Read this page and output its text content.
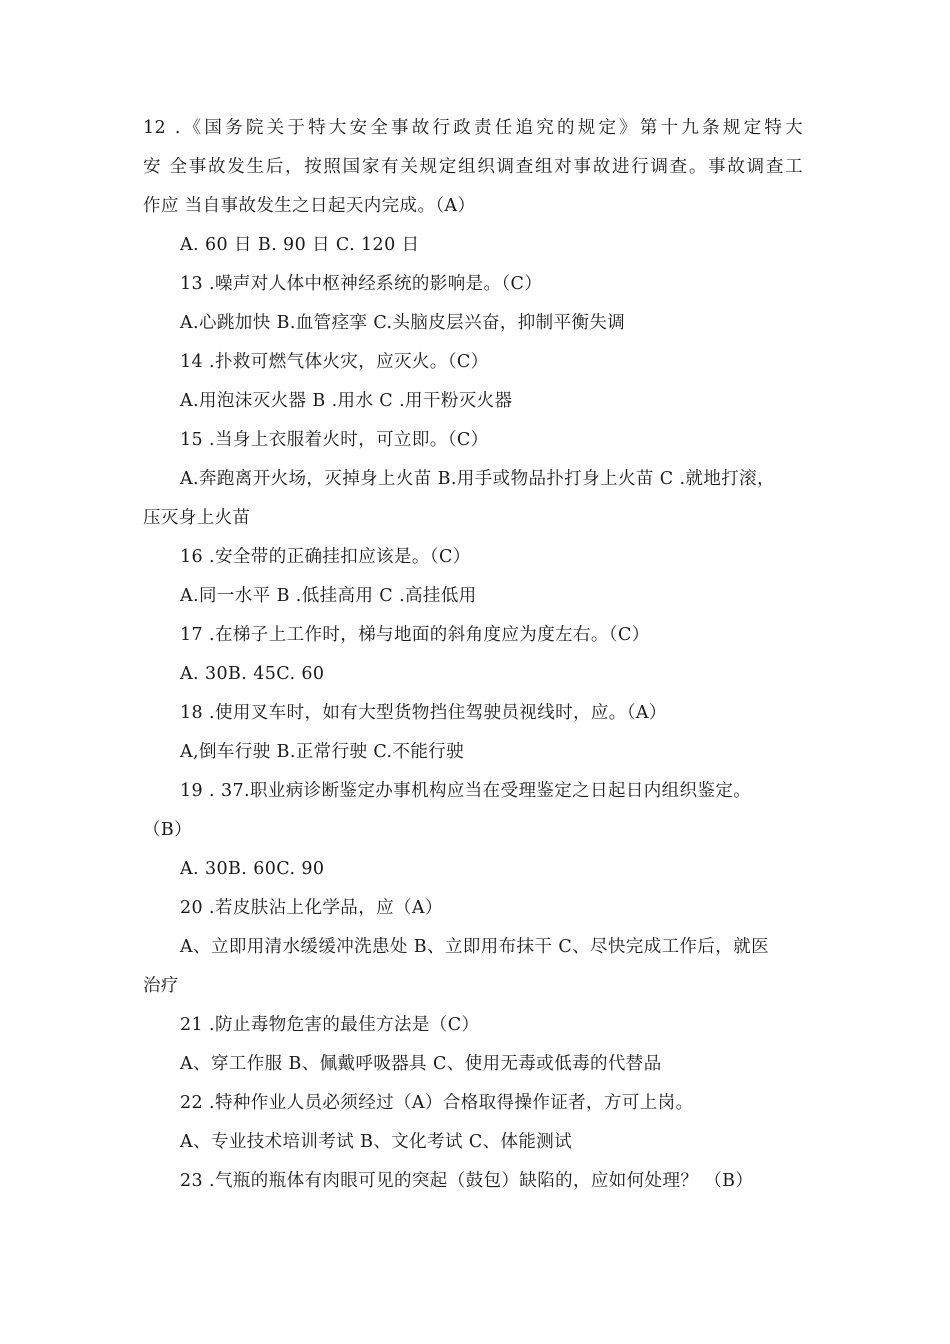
12 .《国务院关于特大安全事故行政责任追究的规定》第十九条规定特大
安 全事故发生后，按照国家有关规定组织调查组对事故进行调查。事故调查工
作应 当自事故发生之日起天内完成。（A）
A. 60 日 B. 90 日 C. 120 日
13 .噪声对人体中枢神经系统的影响是。（C）
A.心跳加快 B.血管痉挛 C.头脑皮层兴奋，抑制平衡失调
14 .扑救可燃气体火灾，应灭火。（C）
A.用泡沫灭火器 B .用水 C .用干粉灭火器
15 .当身上衣服着火时，可立即。（C）
A.奔跑离开火场，灭掉身上火苗 B.用手或物品扑打身上火苗 C .就地打滚，
压灭身上火苗
16 .安全带的正确挂扣应该是。（C）
A.同一水平 B .低挂高用 C .高挂低用
17 .在梯子上工作时，梯与地面的斜角度应为度左右。（C）
A. 30B. 45C. 60
18 .使用叉车时，如有大型货物挡住驾驶员视线时，应。（A）
A,倒车行驶 B.正常行驶 C.不能行驶
19 . 37.职业病诊断鉴定办事机构应当在受理鉴定之日起日内组织鉴定。
（B）
A. 30B. 60C. 90
20 .若皮肤沾上化学品，应（A）
A、立即用清水缓缓冲洗患处 B、立即用布抹干 C、尽快完成工作后，就医
治疗
21 .防止毒物危害的最佳方法是（C）
A、穿工作服 B、佩戴呼吸器具 C、使用无毒或低毒的代替品
22 .特种作业人员必须经过（A）合格取得操作证者，方可上岗。
A、专业技术培训考试 B、文化考试 C、体能测试
23 .气瓶的瓶体有肉眼可见的突起（鼓包）缺陷的，应如何处理？ （B）
